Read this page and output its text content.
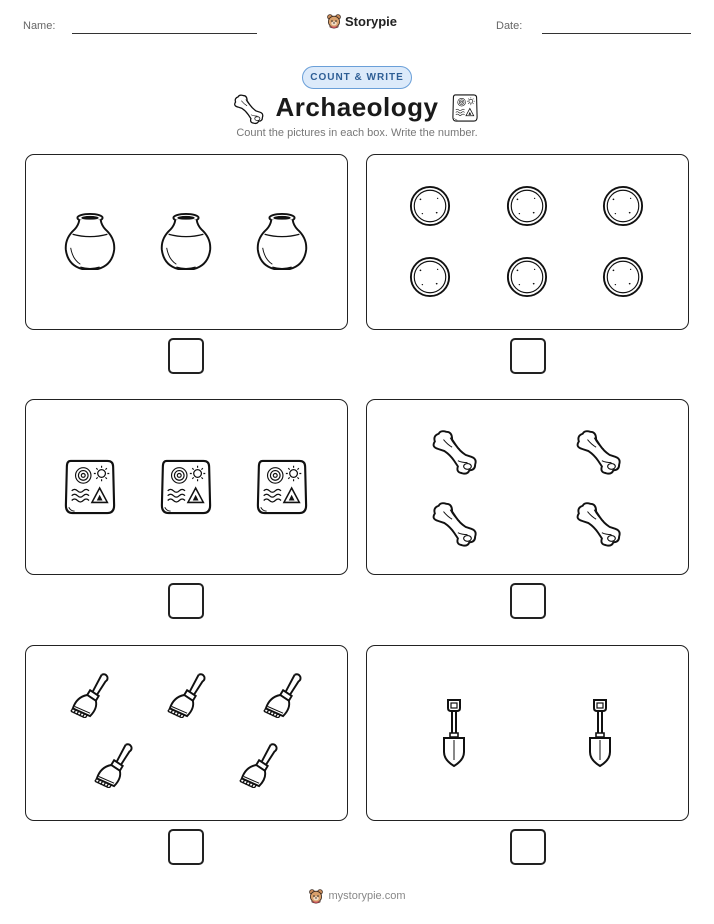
Name:	Storypie	Date:
COUNT & WRITE
Archaeology
Count the pictures in each box. Write the number.
mystorypie.com
